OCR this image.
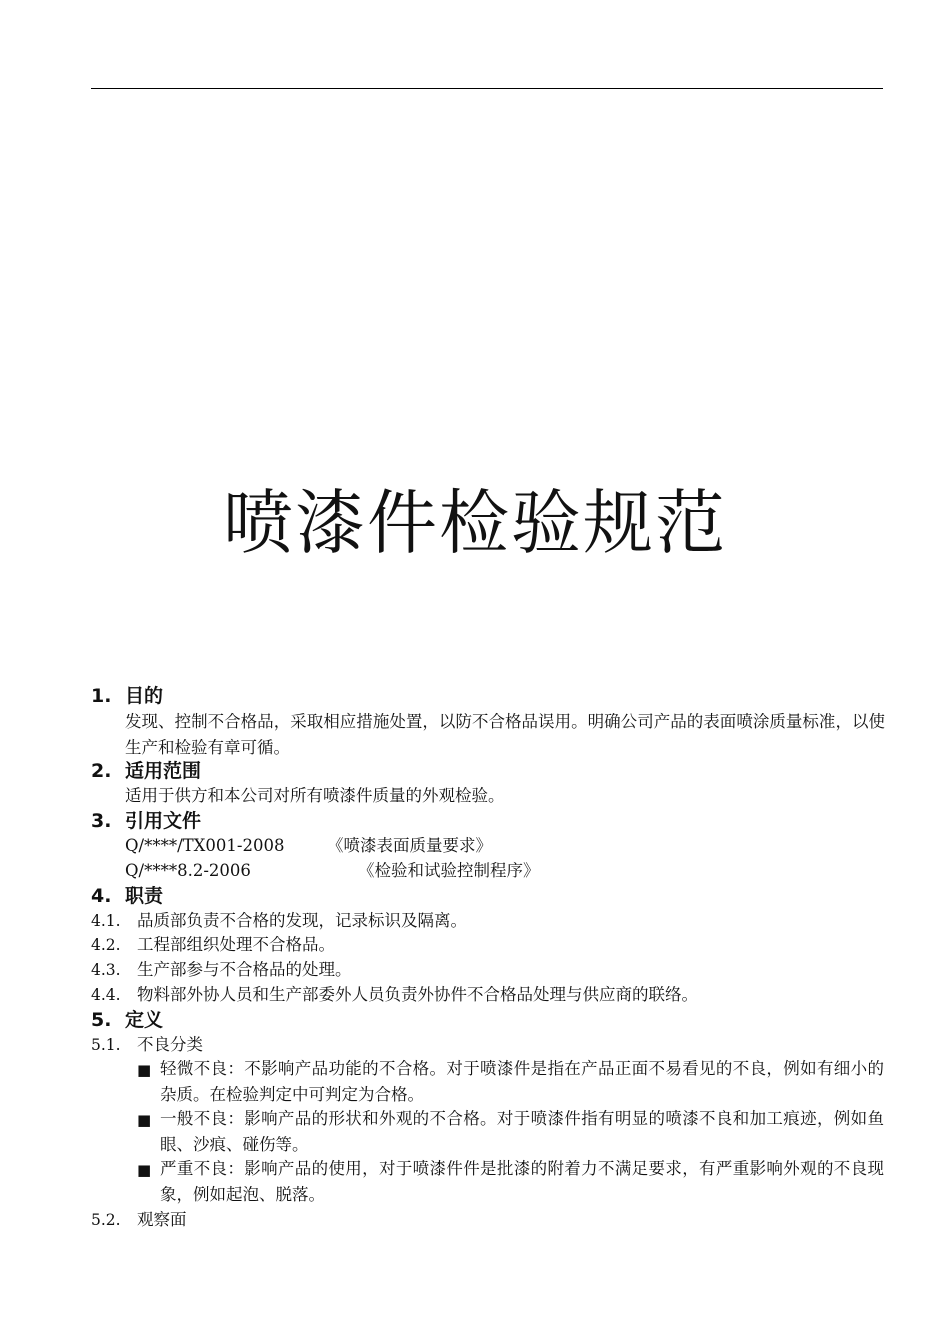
喷漆件检验规范
1. 目的
发现、控制不合格品，采取相应措施处置，以防不合格品误用。明确公司产品的表面喷涂质量标准，以使生产和检验有章可循。
2. 适用范围
适用于供方和本公司对所有喷漆件质量的外观检验。
3. 引用文件
Q/****/TX001-2008	《喷漆表面质量要求》
Q/****8.2-2006	《检验和试验控制程序》
4. 职责
4.1. 品质部负责不合格的发现，记录标识及隔离。
4.2. 工程部组织处理不合格品。
4.3. 生产部参与不合格品的处理。
4.4. 物料部外协人员和生产部委外人员负责外协件不合格品处理与供应商的联络。
5. 定义
5.1. 不良分类
■ 轻微不良：不影响产品功能的不合格。对于喷漆件是指在产品正面不易看见的不良，例如有细小的杂质。在检验判定中可判定为合格。
■ 一般不良：影响产品的形状和外观的不合格。对于喷漆件指有明显的喷漆不良和加工痕迹，例如鱼眼、沙痕、碰伤等。
■ 严重不良：影响产品的使用，对于喷漆件件是批漆的附着力不满足要求，有严重影响外观的不良现象，例如起泡、脱落。
5.2. 观察面
